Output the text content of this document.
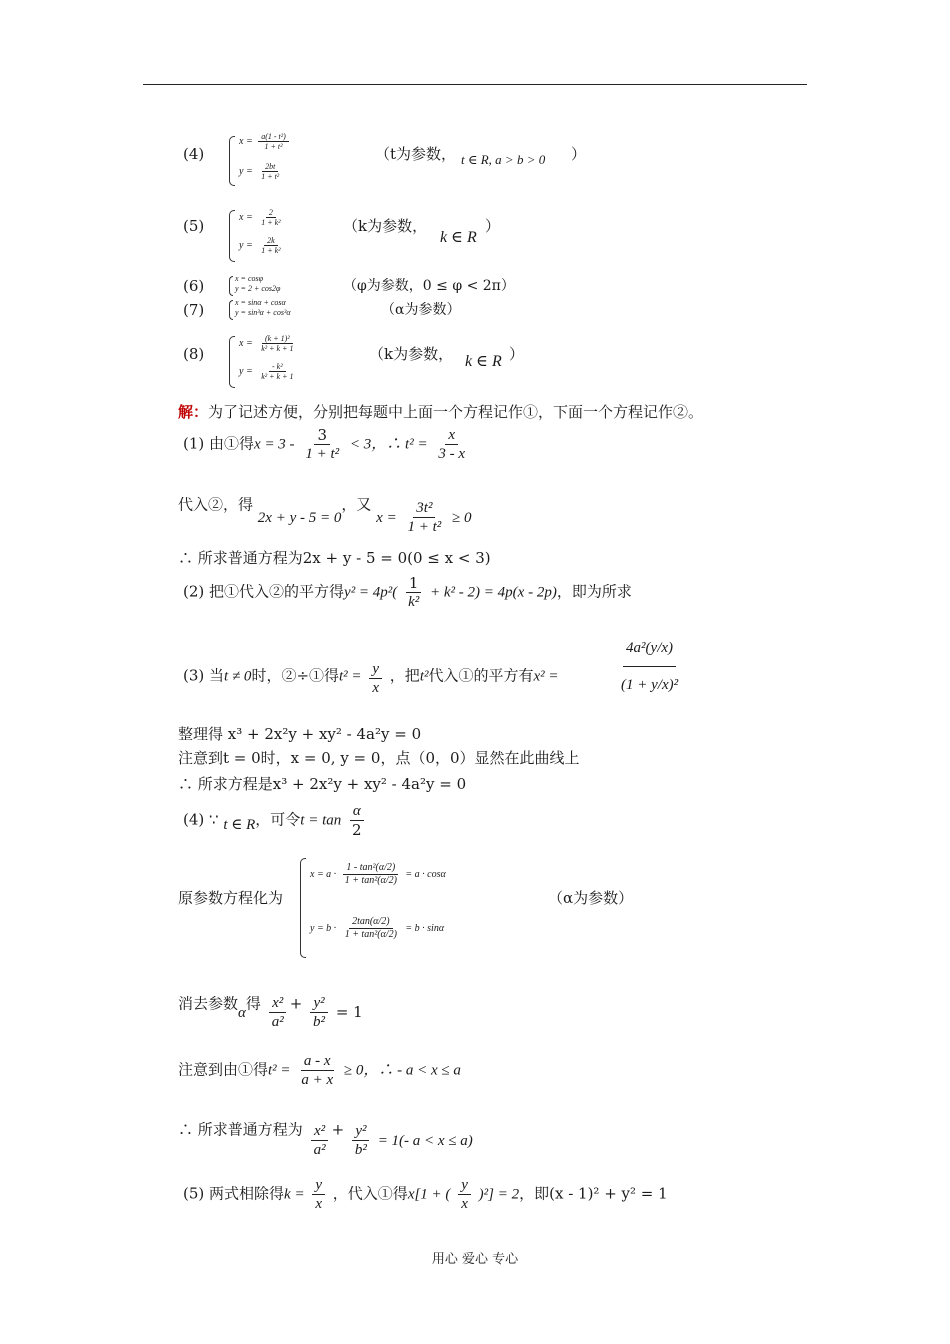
(4)
$x = \frac{\text{a(1 - t²)}}{\text{1 + t²}}$
$y = \frac{2bt}{\text{1 + t²}}$
（t为参数， t ∈ R, a > b > 0 ）
(5)	$x = \frac{2}{\text{1 + k²}}$
$y = \frac{2k}{\text{1 + k²}}$
（k为参数，
k ∈ R
）
(6)	x = cosφ
y = 2 + cos2φ	（φ为参数，0 ≤ φ < 2π）
(7)	x = sinα + cosα
y = sin³α + cos³α	（α为参数）
(8)
$x = \frac{\text{(k + 1)²}}{\text{k² + k + 1}}$
$y = \frac{\text{- k²}}{\text{k² + k + 1}}$
（k为参数， k ∈ R ）
解：为了记述方便，分别把每题中上面一个方程记作①，下面一个方程记作②。
(1) 由①得$x = 3 - \frac{3}{\text{1 + t²}} < 3$，∴ $t^2 = \frac{x}{3 - x}$
代入②，得 2x + y - 5 = 0，又 $x = \frac{\text{3t²}}{\text{1 + t²}} \ge 0$
∴ 所求普通方程为2x + y - 5 = 0(0 ≤ x < 3)
(2) 把①代入②的平方得$y^2 = 4p^2( \frac{1}{\text{k²}} + k^2 - 2) = 4p(x - 2p)$，即为所求
(3) 当t ≠ 0时，②÷①得$t^2 = \frac{y}{x}$ ，把t²代入①的平方有x² =	$\frac{\text{4a²(y/x)}}{\text{(1 + y/x)²}}$
整理得 x³ + 2x²y + xy² - 4a²y = 0
注意到t = 0时，x = 0, y = 0，点（0，0）显然在此曲线上
∴ 所求方程是x³ + 2x²y + xy² - 4a²y = 0
(4) ∵ t ∈ R，可令$t = \tan \frac{\alpha}{2}$
原参数方程化为
$x = a \cdot \frac{\text{1 - tan²(α/2)}}{\text{1 + tan²(α/2)}} = a \cdot \cos\alpha$
$y = b \cdot \frac{2\tan(\alpha/2)}{\text{1 + tan²(α/2)}} = b \cdot \sin\alpha$
（α为参数）
消去参数α得 $\frac{\text{x²}}{\text{a²}} + \frac{\text{y²}}{\text{b²}} = 1$
注意到由①得$t^2 = \frac{a - x}{a + x} \ge 0$，∴ - a < x ≤ a
∴ 所求普通方程为 $\frac{\text{x²}}{\text{a²}} + \frac{\text{y²}}{\text{b²}} = 1(-$ a < x ≤ a)
(5) 两式相除得$k = \frac{y}{x}$ ，代入①得x[1 + ( $\frac{y}{x} )^2] = 2$，即(x - 1)² + y² = 1
用心 爱心 专心
